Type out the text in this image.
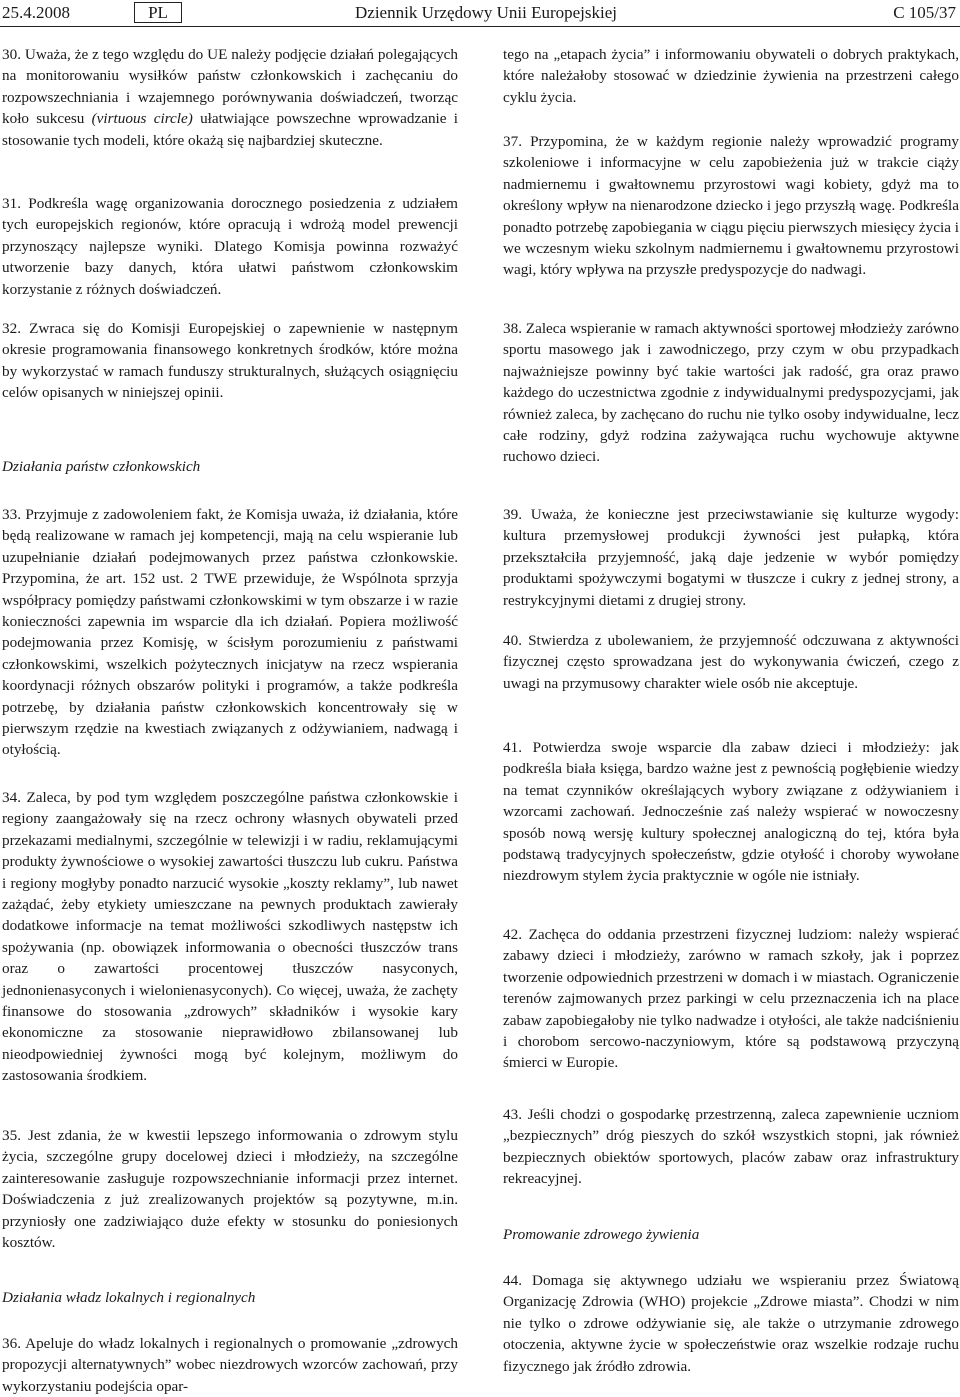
25.4.2008	PL	Dziennik Urzędowy Unii Europejskiej	C 105/37

30. Uważa, że z tego względu do UE należy podjęcie działań polegających na monitorowaniu wysiłków państw członkowskich i zachęcaniu do rozpowszechniania i wzajemnego porównywania doświadczeń, tworząc koło sukcesu (virtuous circle) ułatwiające powszechne wprowadzanie i stosowanie tych modeli, które okażą się najbardziej skuteczne.

31. Podkreśla wagę organizowania dorocznego posiedzenia z udziałem tych europejskich regionów, które opracują i wdrożą model prewencji przynoszący najlepsze wyniki. Dlatego Komisja powinna rozważyć utworzenie bazy danych, która ułatwi państwom członkowskim korzystanie z różnych doświadczeń.

32. Zwraca się do Komisji Europejskiej o zapewnienie w następnym okresie programowania finansowego konkretnych środków, które można by wykorzystać w ramach funduszy strukturalnych, służących osiągnięciu celów opisanych w niniejszej opinii.

Działania państw członkowskich

33. Przyjmuje z zadowoleniem fakt, że Komisja uważa, iż działania, które będą realizowane w ramach jej kompetencji, mają na celu wspieranie lub uzupełnianie działań podejmowanych przez państwa członkowskie. Przypomina, że art. 152 ust. 2 TWE przewiduje, że Wspólnota sprzyja współpracy pomiędzy państwami członkowskimi w tym obszarze i w razie konieczności zapewnia im wsparcie dla ich działań. Popiera możliwość podejmowania przez Komisję, w ścisłym porozumieniu z państwami członkowskimi, wszelkich pożytecznych inicjatyw na rzecz wspierania koordynacji różnych obszarów polityki i programów, a także podkreśla potrzebę, by działania państw członkowskich koncentrowały się w pierwszym rzędzie na kwestiach związanych z odżywianiem, nadwagą i otyłością.

34. Zaleca, by pod tym względem poszczególne państwa członkowskie i regiony zaangażowały się na rzecz ochrony własnych obywateli przed przekazami medialnymi, szczególnie w telewizji i w radiu, reklamującymi produkty żywnościowe o wysokiej zawartości tłuszczu lub cukru. Państwa i regiony mogłyby ponadto narzucić wysokie „koszty reklamy”, lub nawet zażądać, żeby etykiety umieszczane na pewnych produktach zawierały dodatkowe informacje na temat możliwości szkodliwych następstw ich spożywania (np. obowiązek informowania o obecności tłuszczów trans oraz o zawartości procentowej tłuszczów nasyconych, jednonienasyconych i wielonienasyconych). Co więcej, uważa, że zachęty finansowe do stosowania „zdrowych” składników i wysokie kary ekonomiczne za stosowanie nieprawidłowo zbilansowanej lub nieodpowiedniej żywności mogą być kolejnym, możliwym do zastosowania środkiem.

35. Jest zdania, że w kwestii lepszego informowania o zdrowym stylu życia, szczególne grupy docelowej dzieci i młodzieży, na szczególne zainteresowanie zasługuje rozpowszechnianie informacji przez internet. Doświadczenia z już zrealizowanych projektów są pozytywne, m.in. przyniosły one zadziwiająco duże efekty w stosunku do poniesionych kosztów.

Działania władz lokalnych i regionalnych

36. Apeluje do władz lokalnych i regionalnych o promowanie „zdrowych propozycji alternatywnych” wobec niezdrowych wzorców zachowań, przy wykorzystaniu podejścia opar-

tego na „etapach życia” i informowaniu obywateli o dobrych praktykach, które należałoby stosować w dziedzinie żywienia na przestrzeni całego cyklu życia.

37. Przypomina, że w każdym regionie należy wprowadzić programy szkoleniowe i informacyjne w celu zapobieżenia już w trakcie ciąży nadmiernemu i gwałtownemu przyrostowi wagi kobiety, gdyż ma to określony wpływ na nienarodzone dziecko i jego przyszłą wagę. Podkreśla ponadto potrzebę zapobiegania w ciągu pięciu pierwszych miesięcy życia i we wczesnym wieku szkolnym nadmiernemu i gwałtownemu przyrostowi wagi, który wpływa na przyszłe predyspozycje do nadwagi.

38. Zaleca wspieranie w ramach aktywności sportowej młodzieży zarówno sportu masowego jak i zawodniczego, przy czym w obu przypadkach najważniejsze powinny być takie wartości jak radość, gra oraz prawo każdego do uczestnictwa zgodnie z indywidualnymi predyspozycjami, jak również zaleca, by zachęcano do ruchu nie tylko osoby indywidualne, lecz całe rodziny, gdyż rodzina zażywająca ruchu wychowuje aktywne ruchowo dzieci.

39. Uważa, że konieczne jest przeciwstawianie się kulturze wygody: kultura przemysłowej produkcji żywności jest pułapką, która przekształciła przyjemność, jaką daje jedzenie w wybór pomiędzy produktami spożywczymi bogatymi w tłuszcze i cukry z jednej strony, a restrykcyjnymi dietami z drugiej strony.

40. Stwierdza z ubolewaniem, że przyjemność odczuwana z aktywności fizycznej często sprowadzana jest do wykonywania ćwiczeń, czego z uwagi na przymusowy charakter wiele osób nie akceptuje.

41. Potwierdza swoje wsparcie dla zabaw dzieci i młodzieży: jak podkreśla biała księga, bardzo ważne jest z pewnością pogłębienie wiedzy na temat czynników określających wybory związane z odżywianiem i wzorcami zachowań. Jednocześnie zaś należy wspierać w nowoczesny sposób nową wersję kultury społecznej analogiczną do tej, która była podstawą tradycyjnych społeczeństw, gdzie otyłość i choroby wywołane niezdrowym stylem życia praktycznie w ogóle nie istniały.

42. Zachęca do oddania przestrzeni fizycznej ludziom: należy wspierać zabawy dzieci i młodzieży, zarówno w ramach szkoły, jak i poprzez tworzenie odpowiednich przestrzeni w domach i w miastach. Ograniczenie terenów zajmowanych przez parkingi w celu przeznaczenia ich na place zabaw zapobiegałoby nie tylko nadwadze i otyłości, ale także nadciśnieniu i chorobom sercowo-naczyniowym, które są podstawową przyczyną śmierci w Europie.

43. Jeśli chodzi o gospodarkę przestrzenną, zaleca zapewnienie uczniom „bezpiecznych” dróg pieszych do szkół wszystkich stopni, jak również bezpiecznych obiektów sportowych, placów zabaw oraz infrastruktury rekreacyjnej.

Promowanie zdrowego żywienia

44. Domaga się aktywnego udziału we wspieraniu przez Światową Organizację Zdrowia (WHO) projekcie „Zdrowe miasta”. Chodzi w nim nie tylko o zdrowe odżywianie się, ale także o utrzymanie zdrowego otoczenia, aktywne życie w społeczeństwie oraz wszelkie rodzaje ruchu fizycznego jak źródło zdrowia.
